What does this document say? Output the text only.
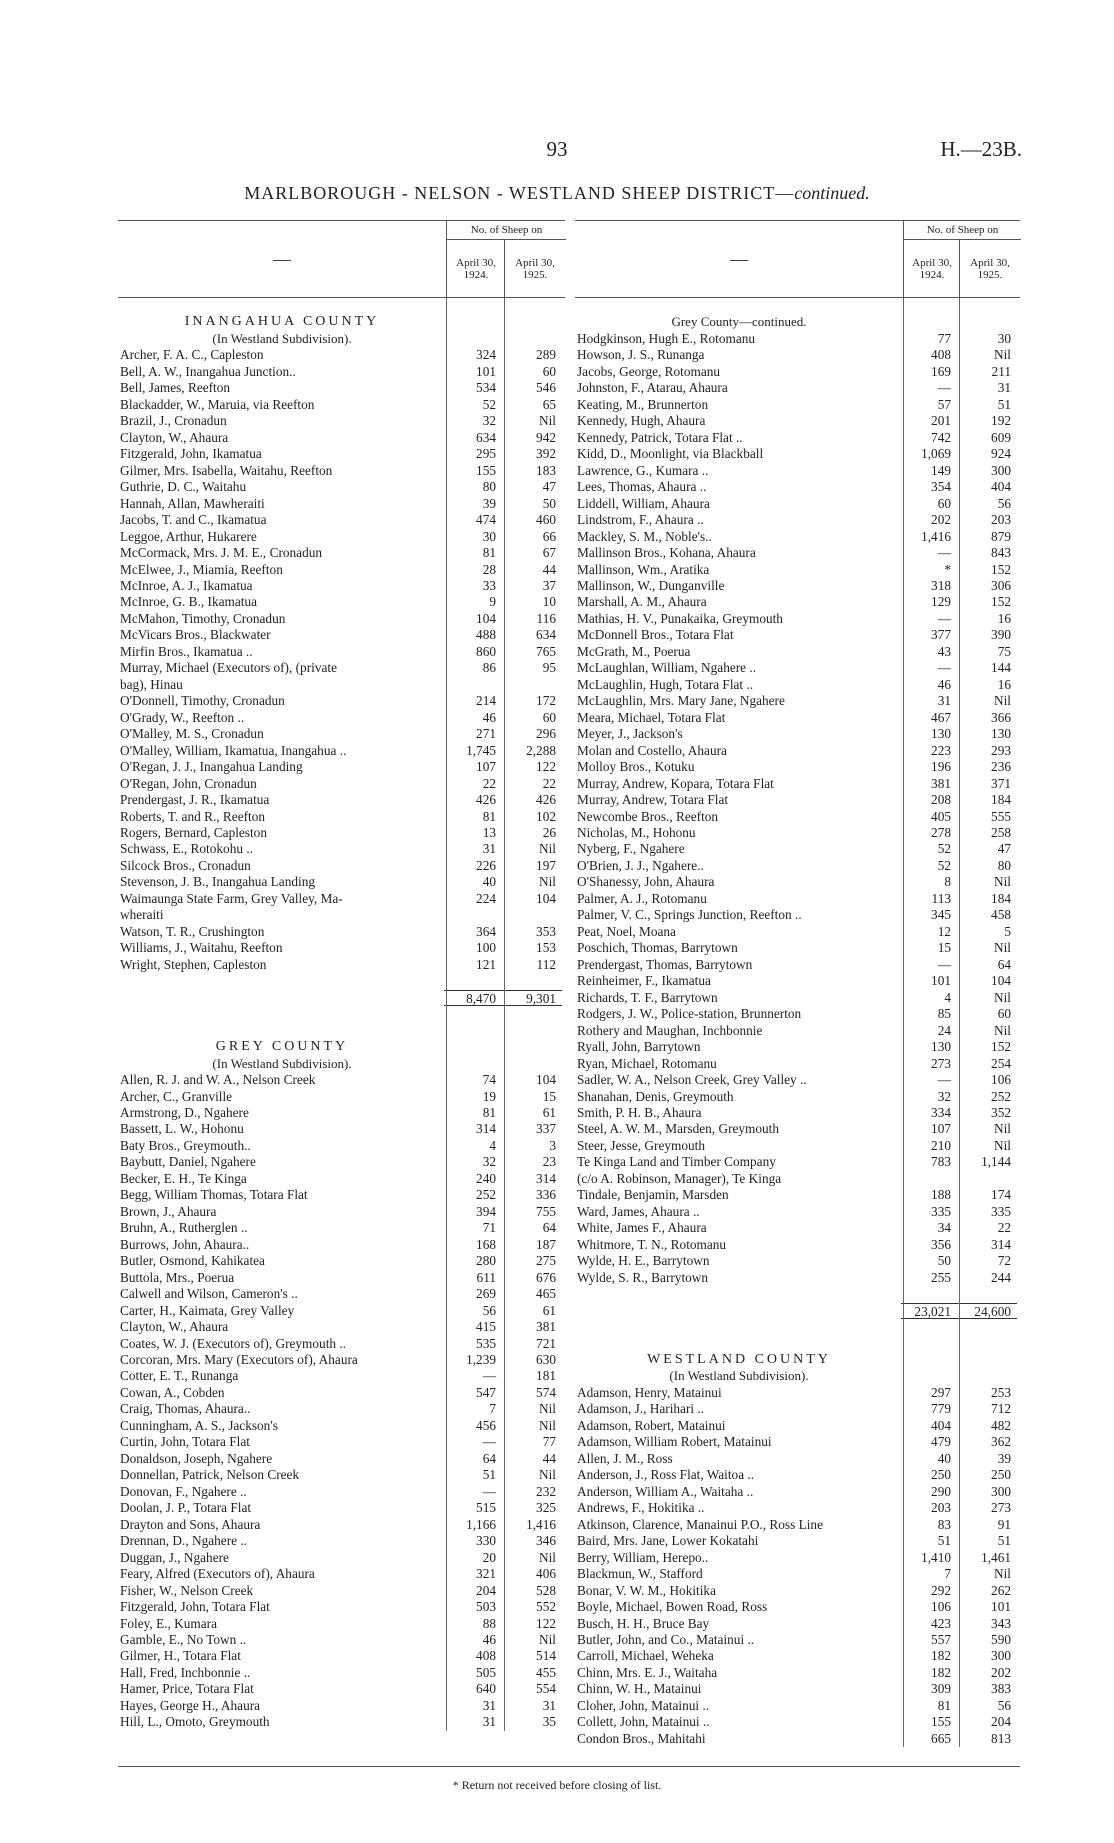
93	H.—23B.
MARLBOROUGH - NELSON - WESTLAND SHEEP DISTRICT—continued.
—
No. of Sheep on
April 30, 1924.
April 30, 1925.
INANGAHUA COUNTY
(In Westland Subdivision).
Archer, F. A. C., Capleston	324	289
Bell, A. W., Inangahua Junction..	101	60
Bell, James, Reefton	534	546
Blackadder, W., Maruia, via Reefton	52	65
Brazil, J., Cronadun	32	Nil
Clayton, W., Ahaura	634	942
Fitzgerald, John, Ikamatua	295	392
Gilmer, Mrs. Isabella, Waitahu, Reefton	155	183
Guthrie, D. C., Waitahu	80	47
Hannah, Allan, Mawheraiti	39	50
Jacobs, T. and C., Ikamatua	474	460
Leggoe, Arthur, Hukarere	30	66
McCormack, Mrs. J. M. E., Cronadun	81	67
McElwee, J., Miamia, Reefton	28	44
McInroe, A. J., Ikamatua	33	37
McInroe, G. B., Ikamatua	9	10
McMahon, Timothy, Cronadun	104	116
McVicars Bros., Blackwater	488	634
Mirfin Bros., Ikamatua ..	860	765
Murray, Michael (Executors of), (private	86	95
bag), Hinau
O'Donnell, Timothy, Cronadun	214	172
O'Grady, W., Reefton ..	46	60
O'Malley, M. S., Cronadun	271	296
O'Malley, William, Ikamatua, Inangahua ..	1,745	2,288
O'Regan, J. J., Inangahua Landing	107	122
O'Regan, John, Cronadun	22	22
Prendergast, J. R., Ikamatua	426	426
Roberts, T. and R., Reefton	81	102
Rogers, Bernard, Capleston	13	26
Schwass, E., Rotokohu ..	31	Nil
Silcock Bros., Cronadun	226	197
Stevenson, J. B., Inangahua Landing	40	Nil
Waimaunga State Farm, Grey Valley, Ma-	224	104
wheraiti
Watson, T. R., Crushington	364	353
Williams, J., Waitahu, Reefton	100	153
Wright, Stephen, Capleston	121	112
8,470	9,301
GREY COUNTY
(In Westland Subdivision).
Allen, R. J. and W. A., Nelson Creek	74	104
Archer, C., Granville	19	15
Armstrong, D., Ngahere	81	61
Bassett, L. W., Hohonu	314	337
Baty Bros., Greymouth..	4	3
Baybutt, Daniel, Ngahere	32	23
Becker, E. H., Te Kinga	240	314
Begg, William Thomas, Totara Flat	252	336
Brown, J., Ahaura	394	755
Bruhn, A., Rutherglen ..	71	64
Burrows, John, Ahaura..	168	187
Butler, Osmond, Kahikatea	280	275
Buttola, Mrs., Poerua	611	676
Calwell and Wilson, Cameron's ..	269	465
Carter, H., Kaimata, Grey Valley	56	61
Clayton, W., Ahaura	415	381
Coates, W. J. (Executors of), Greymouth ..	535	721
Corcoran, Mrs. Mary (Executors of), Ahaura	1,239	630
Cotter, E. T., Runanga	—	181
Cowan, A., Cobden	547	574
Craig, Thomas, Ahaura..	7	Nil
Cunningham, A. S., Jackson's	456	Nil
Curtin, John, Totara Flat	—	77
Donaldson, Joseph, Ngahere	64	44
Donnellan, Patrick, Nelson Creek	51	Nil
Donovan, F., Ngahere ..	—	232
Doolan, J. P., Totara Flat	515	325
Drayton and Sons, Ahaura	1,166	1,416
Drennan, D., Ngahere ..	330	346
Duggan, J., Ngahere	20	Nil
Feary, Alfred (Executors of), Ahaura	321	406
Fisher, W., Nelson Creek	204	528
Fitzgerald, John, Totara Flat	503	552
Foley, E., Kumara	88	122
Gamble, E., No Town ..	46	Nil
Gilmer, H., Totara Flat	408	514
Hall, Fred, Inchbonnie ..	505	455
Hamer, Price, Totara Flat	640	554
Hayes, George H., Ahaura	31	31
Hill, L., Omoto, Greymouth	31	35
—
No. of Sheep on
April 30, 1924.
April 30, 1925.
Grey County—continued.
Hodgkinson, Hugh E., Rotomanu	77	30
Howson, J. S., Runanga	408	Nil
Jacobs, George, Rotomanu	169	211
Johnston, F., Atarau, Ahaura	—	31
Keating, M., Brunnerton	57	51
Kennedy, Hugh, Ahaura	201	192
Kennedy, Patrick, Totara Flat ..	742	609
Kidd, D., Moonlight, via Blackball	1,069	924
Lawrence, G., Kumara ..	149	300
Lees, Thomas, Ahaura ..	354	404
Liddell, William, Ahaura	60	56
Lindstrom, F., Ahaura ..	202	203
Mackley, S. M., Noble's..	1,416	879
Mallinson Bros., Kohana, Ahaura	—	843
Mallinson, Wm., Aratika	*	152
Mallinson, W., Dunganville	318	306
Marshall, A. M., Ahaura	129	152
Mathias, H. V., Punakaika, Greymouth	—	16
McDonnell Bros., Totara Flat	377	390
McGrath, M., Poerua	43	75
McLaughlan, William, Ngahere ..	—	144
McLaughlin, Hugh, Totara Flat ..	46	16
McLaughlin, Mrs. Mary Jane, Ngahere	31	Nil
Meara, Michael, Totara Flat	467	366
Meyer, J., Jackson's	130	130
Molan and Costello, Ahaura	223	293
Molloy Bros., Kotuku	196	236
Murray, Andrew, Kopara, Totara Flat	381	371
Murray, Andrew, Totara Flat	208	184
Newcombe Bros., Reefton	405	555
Nicholas, M., Hohonu	278	258
Nyberg, F., Ngahere	52	47
O'Brien, J. J., Ngahere..	52	80
O'Shanessy, John, Ahaura	8	Nil
Palmer, A. J., Rotomanu	113	184
Palmer, V. C., Springs Junction, Reefton ..	345	458
Peat, Noel, Moana	12	5
Poschich, Thomas, Barrytown	15	Nil
Prendergast, Thomas, Barrytown	—	64
Reinheimer, F., Ikamatua	101	104
Richards, T. F., Barrytown	4	Nil
Rodgers, J. W., Police-station, Brunnerton	85	60
Rothery and Maughan, Inchbonnie	24	Nil
Ryall, John, Barrytown	130	152
Ryan, Michael, Rotomanu	273	254
Sadler, W. A., Nelson Creek, Grey Valley ..	—	106
Shanahan, Denis, Greymouth	32	252
Smith, P. H. B., Ahaura	334	352
Steel, A. W. M., Marsden, Greymouth	107	Nil
Steer, Jesse, Greymouth	210	Nil
Te Kinga Land and Timber Company	783	1,144
(c/o A. Robinson, Manager), Te Kinga
Tindale, Benjamin, Marsden	188	174
Ward, James, Ahaura ..	335	335
White, James F., Ahaura	34	22
Whitmore, T. N., Rotomanu	356	314
Wylde, H. E., Barrytown	50	72
Wylde, S. R., Barrytown	255	244
23,021	24,600
WESTLAND COUNTY
(In Westland Subdivision).
Adamson, Henry, Matainui	297	253
Adamson, J., Harihari ..	779	712
Adamson, Robert, Matainui	404	482
Adamson, William Robert, Matainui	479	362
Allen, J. M., Ross	40	39
Anderson, J., Ross Flat, Waitoa ..	250	250
Anderson, William A., Waitaha ..	290	300
Andrews, F., Hokitika ..	203	273
Atkinson, Clarence, Manainui P.O., Ross Line	83	91
Baird, Mrs. Jane, Lower Kokatahi	51	51
Berry, William, Herepo..	1,410	1,461
Blackmun, W., Stafford	7	Nil
Bonar, V. W. M., Hokitika	292	262
Boyle, Michael, Bowen Road, Ross	106	101
Busch, H. H., Bruce Bay	423	343
Butler, John, and Co., Matainui ..	557	590
Carroll, Michael, Weheka	182	300
Chinn, Mrs. E. J., Waitaha	182	202
Chinn, W. H., Matainui	309	383
Cloher, John, Matainui ..	81	56
Collett, John, Matainui ..	155	204
Condon Bros., Mahitahi	665	813
* Return not received before closing of list.
